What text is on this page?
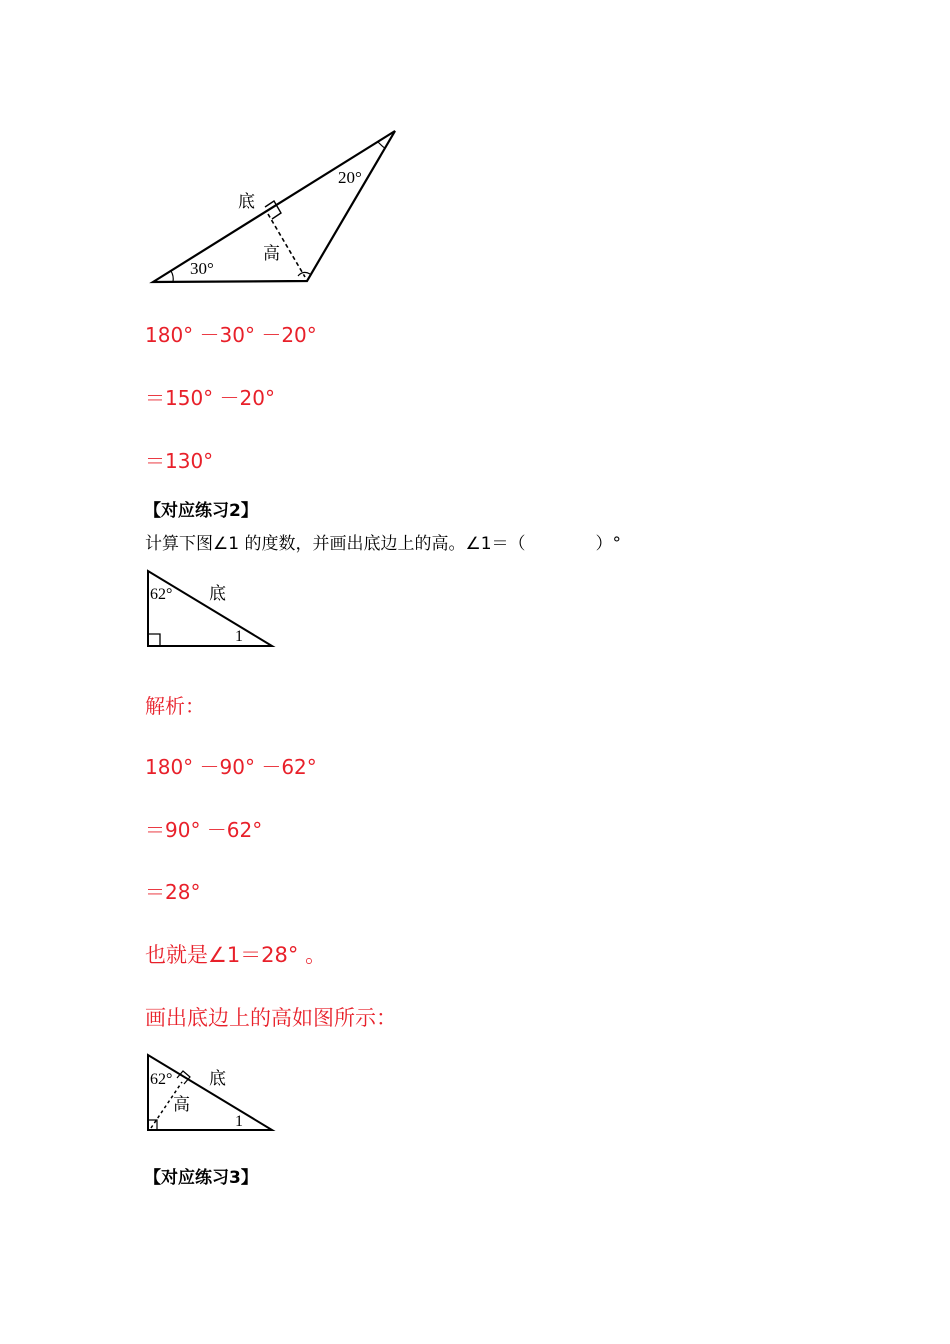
底
高
20°
30°
180° －30° －20°
＝150° －20°
＝130°
【对应练习2】
计算下图∠1 的度数，并画出底边上的高。∠1＝（	）°
62° 底
1
解析：
180° －90° －62°
＝90° －62°
＝28°
也就是∠1＝28° 。
画出底边上的高如图所示：
62° 底
高
1
【对应练习3】
